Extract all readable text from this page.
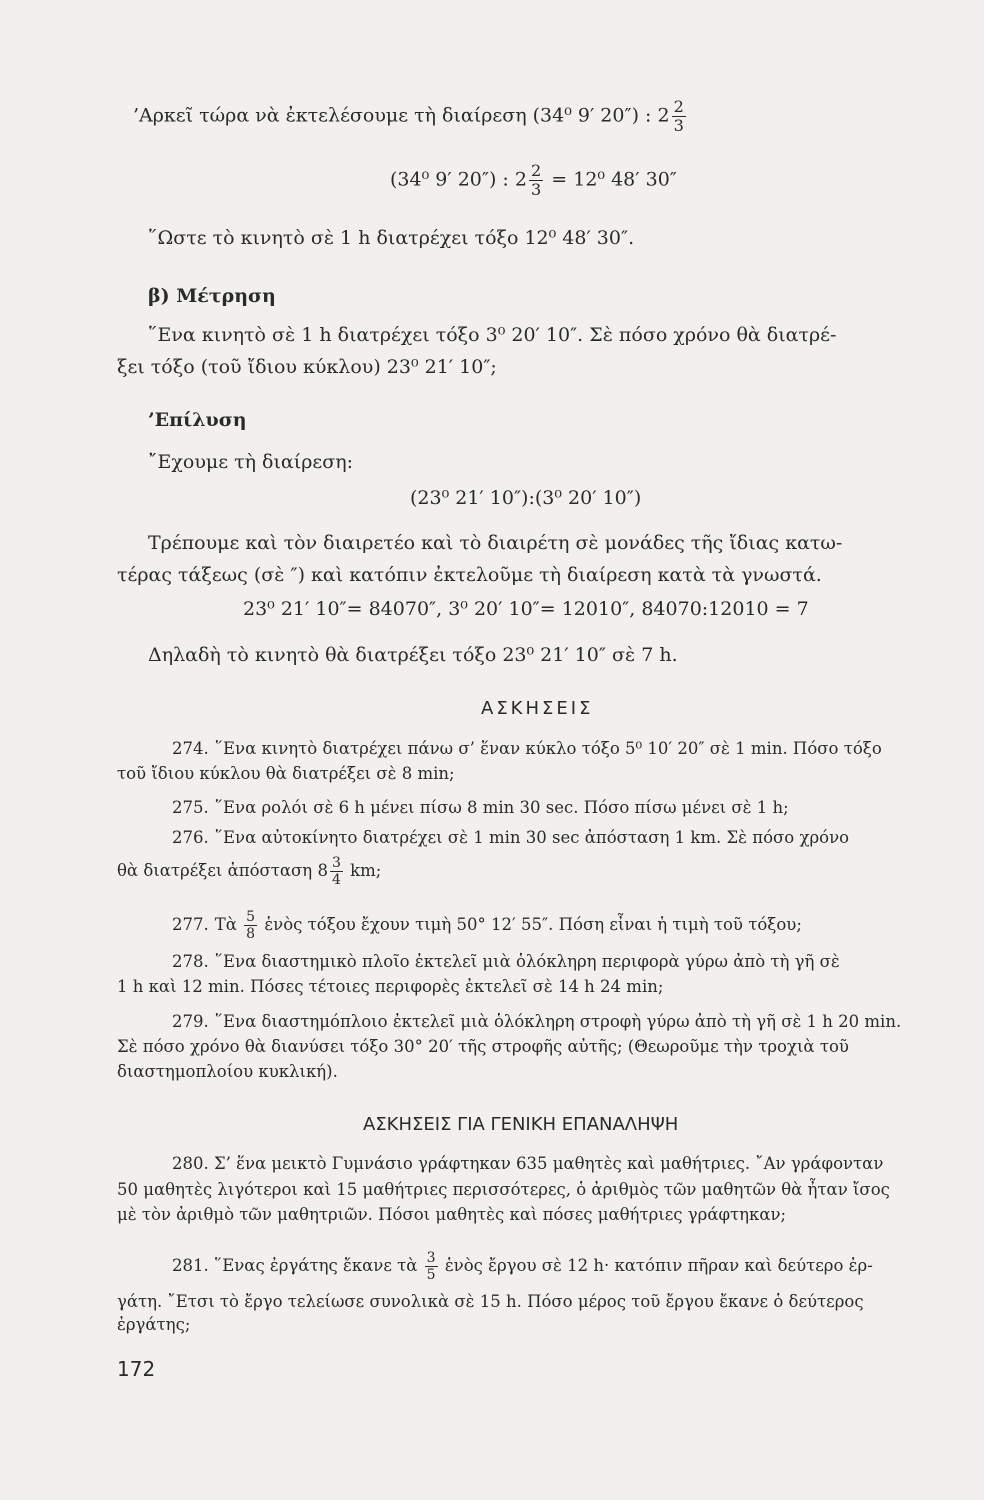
’Αρκεῖ τώρα νὰ ἐκτελέσουμε τὴ διαίρεση (34⁰ 9′ 20″) : $2 \frac{2}{3}$
(34⁰ 9′ 20″) : $2 \frac{2}{3} = 12^0$ 48′ 30″
῞Ωστε τὸ κινητὸ σὲ 1 h διατρέχει τόξο 12⁰ 48′ 30″.
β) Μέτρηση
῞Ενα κινητὸ σὲ 1 h διατρέχει τόξο 3⁰ 20′ 10″. Σὲ πόσο χρόνο θὰ διατρέ-
ξει τόξο (τοῦ ἴδιου κύκλου) 23⁰ 21′ 10″;
’Επίλυση
῎Εχουμε τὴ διαίρεση:
(23⁰ 21′ 10″):(3⁰ 20′ 10″)
Τρέπουμε καὶ τὸν διαιρετέο καὶ τὸ διαιρέτη σὲ μονάδες τῆς ἴδιας κατω-
τέρας τάξεως (σὲ ″) καὶ κατόπιν ἐκτελοῦμε τὴ διαίρεση κατὰ τὰ γνωστά.
23⁰ 21′ 10″= 84070″, 3⁰ 20′ 10″= 12010″, 84070:12010 = 7
Δηλαδὴ τὸ κινητὸ θὰ διατρέξει τόξο 23⁰ 21′ 10″ σὲ 7 h.
ΑΣΚΗΣΕΙΣ
274. ῞Ενα κινητὸ διατρέχει πάνω σ’ ἕναν κύκλο τόξο 5⁰ 10′ 20″ σὲ 1 min. Πόσο τόξο
τοῦ ἴδιου κύκλου θὰ διατρέξει σὲ 8 min;
275. ῞Ενα ρολόι σὲ 6 h μένει πίσω 8 min 30 sec. Πόσο πίσω μένει σὲ 1 h;
276. ῞Ενα αὐτοκίνητο διατρέχει σὲ 1 min 30 sec ἀπόσταση 1 km. Σὲ πόσο χρόνο
θὰ διατρέξει ἀπόσταση $8 \frac{3}{4}$ km;
277. Τὰ $\frac{5}{8}$ ἑνὸς τόξου ἔχουν τιμὴ 50° 12′ 55″. Πόση εἶναι ἡ τιμὴ τοῦ τόξου;
278. ῞Ενα διαστημικὸ πλοῖο ἐκτελεῖ μιὰ ὁλόκληρη περιφορὰ γύρω ἀπὸ τὴ γῆ σὲ
1 h καὶ 12 min. Πόσες τέτοιες περιφορὲς ἐκτελεῖ σὲ 14 h 24 min;
279. ῞Ενα διαστημόπλοιο ἐκτελεῖ μιὰ ὁλόκληρη στροφὴ γύρω ἀπὸ τὴ γῆ σὲ 1 h 20 min.
Σὲ πόσο χρόνο θὰ διανύσει τόξο 30° 20′ τῆς στροφῆς αὐτῆς; (Θεωροῦμε τὴν τροχιὰ τοῦ
διαστημοπλοίου κυκλική).
ΑΣΚΗΣΕΙΣ ΓΙΑ ΓΕΝΙΚΗ ΕΠΑΝΑΛΗΨΗ
280. Σ’ ἕνα μεικτὸ Γυμνάσιο γράφτηκαν 635 μαθητὲς καὶ μαθήτριες. ῎Αν γράφονταν
50 μαθητὲς λιγότεροι καὶ 15 μαθήτριες περισσότερες, ὁ ἀριθμὸς τῶν μαθητῶν θὰ ἦταν ἴσος
μὲ τὸν ἀριθμὸ τῶν μαθητριῶν. Πόσοι μαθητὲς καὶ πόσες μαθήτριες γράφτηκαν;
281. ῞Ενας ἐργάτης ἔκανε τὰ $\frac{3}{5}$ ἑνὸς ἔργου σὲ 12 h· κατόπιν πῆραν καὶ δεύτερο ἐρ-
γάτη. ῎Ετσι τὸ ἔργο τελείωσε συνολικὰ σὲ 15 h. Πόσο μέρος τοῦ ἔργου ἔκανε ὁ δεύτερος
ἐργάτης;
172
